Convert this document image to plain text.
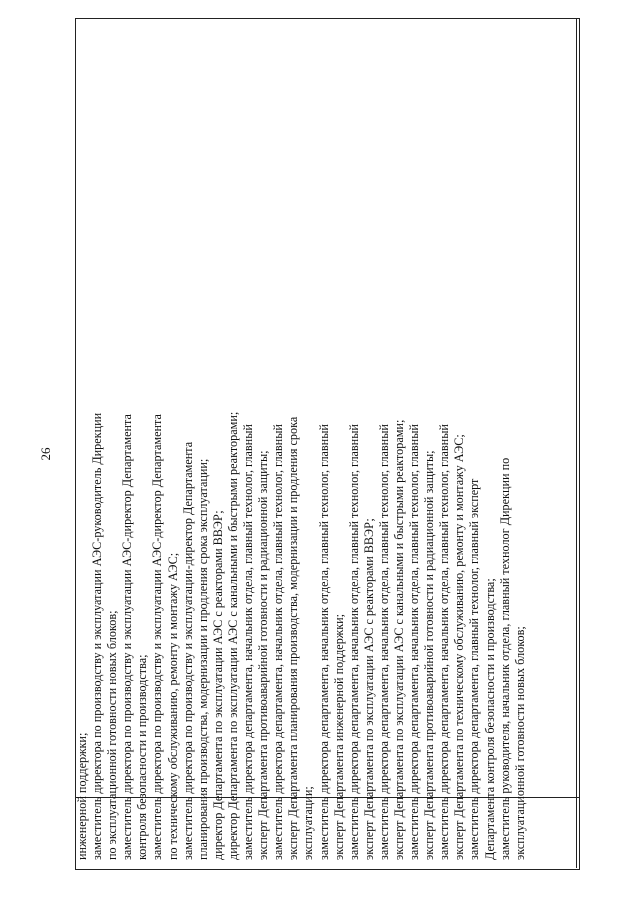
26
инженерной поддержки; заместитель директора по производству и эксплуатации АЭС-руководитель Дирекции по эксплуатационной готовности новых блоков; заместитель директора по производству и эксплуатации АЭС-директор Департамента контроля безопасности и производства; заместитель директора по производству и эксплуатации АЭС-директор Департамента по техническому обслуживанию, ремонту и монтажу АЭС; заместитель директора по производству и эксплуатации-директор Департамента планирования производства, модернизации и продления срока эксплуатации; директор Департамента по эксплуатации АЭС с реакторами ВВЭР; директор Департамента по эксплуатации АЭС с канальными и быстрыми реакторами; заместитель директора департамента, начальник отдела, главный технолог, главный эксперт Департамента противоаварийной готовности и радиационной защиты; заместитель директора департамента, начальник отдела, главный технолог, главный эксперт Департамента планирования производства, модернизации и продления срока эксплуатации; заместитель директора департамента, начальник отдела, главный технолог, главный эксперт Департамента инженерной поддержки; заместитель директора департамента, начальник отдела, главный технолог, главный эксперт Департамента по эксплуатации АЭС с реакторами ВВЭР; заместитель директора департамента, начальник отдела, главный технолог, главный эксперт Департамента по эксплуатации АЭС с канальными и быстрыми реакторами; заместитель директора департамента, начальник отдела, главный технолог, главный эксперт Департамента противоаварийной готовности и радиационной защиты; заместитель директора департамента, начальник отдела, главный технолог, главный эксперт Департамента по техническому обслуживанию, ремонту и монтажу АЭС; заместитель директора департамента, главный технолог, главный эксперт Департамента контроля безопасности и производства; заместитель руководителя, начальник отдела, главный технолог Дирекции по эксплуатационной готовности новых блоков;
